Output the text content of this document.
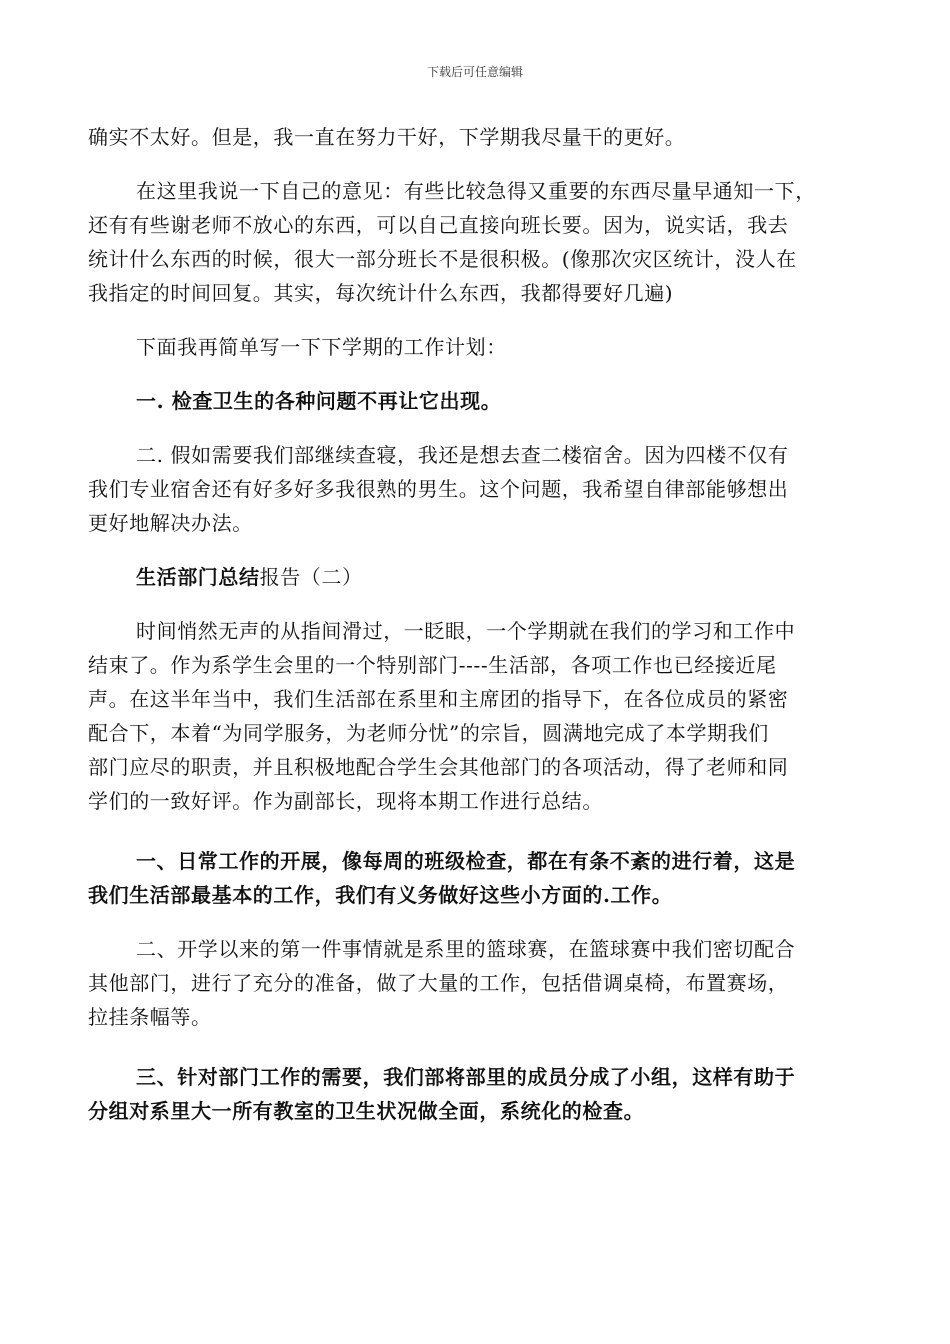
下载后可任意编辑

确实不太好。但是，我一直在努力干好，下学期我尽量干的更好。

在这里我说一下自己的意见：有些比较急得又重要的东西尽量早通知一下，
还有有些谢老师不放心的东西，可以自己直接向班长要。因为，说实话，我去
统计什么东西的时候，很大一部分班长不是很积极。(像那次灾区统计，没人在
我指定的时间回复。其实，每次统计什么东西，我都得要好几遍)

下面我再简单写一下下学期的工作计划：

一. 检查卫生的各种问题不再让它出现。

二. 假如需要我们部继续查寝，我还是想去查二楼宿舍。因为四楼不仅有
我们专业宿舍还有好多好多我很熟的男生。这个问题，我希望自律部能够想出
更好地解决办法。

生活部门总结报告（二）

时间悄然无声的从指间滑过，一眨眼，一个学期就在我们的学习和工作中
结束了。作为系学生会里的一个特别部门----生活部，各项工作也已经接近尾
声。在这半年当中，我们生活部在系里和主席团的指导下，在各位成员的紧密
配合下，本着“为同学服务，为老师分忧”的宗旨，圆满地完成了本学期我们
部门应尽的职责，并且积极地配合学生会其他部门的各项活动，得了老师和同
学们的一致好评。作为副部长，现将本期工作进行总结。

一、日常工作的开展，像每周的班级检查，都在有条不紊的进行着，这是
我们生活部最基本的工作，我们有义务做好这些小方面的.工作。

二、开学以来的第一件事情就是系里的篮球赛，在篮球赛中我们密切配合
其他部门，进行了充分的准备，做了大量的工作，包括借调桌椅，布置赛场，
拉挂条幅等。

三、针对部门工作的需要，我们部将部里的成员分成了小组，这样有助于
分组对系里大一所有教室的卫生状况做全面，系统化的检查。
